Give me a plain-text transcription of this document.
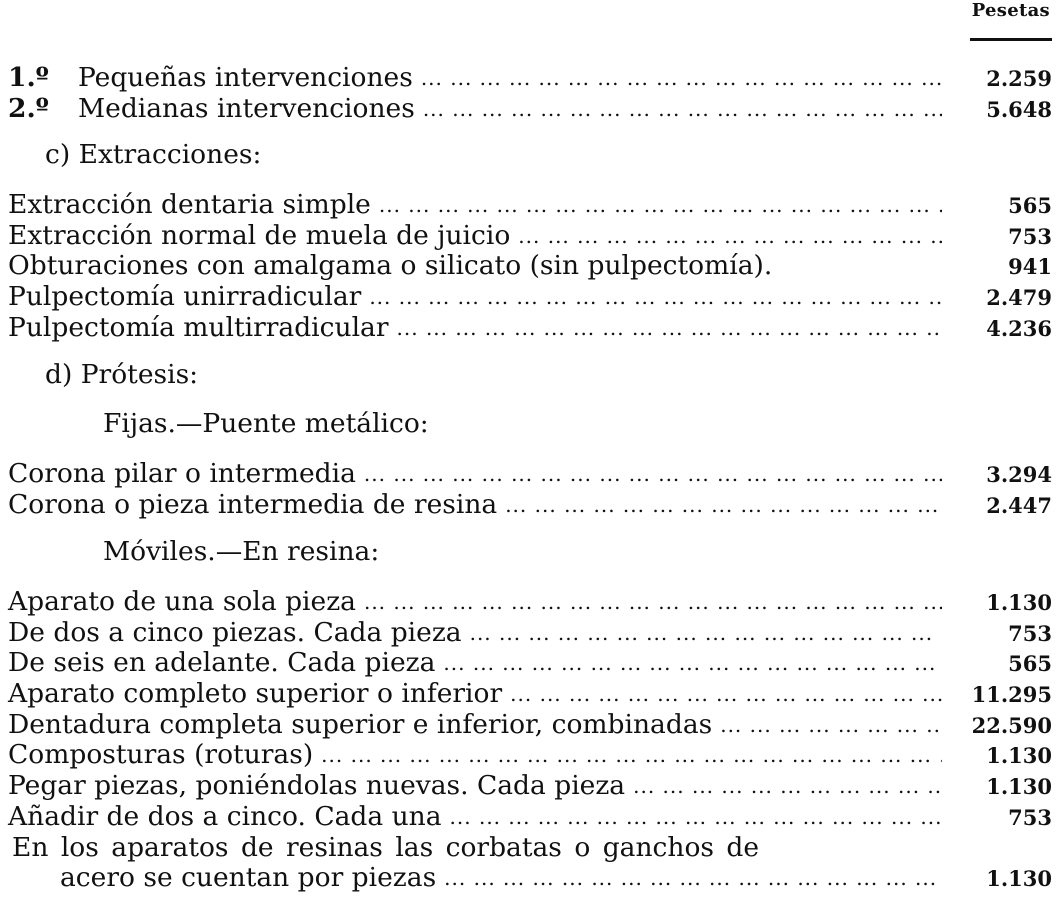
Pesetas
1.º	Pequeñas intervenciones ... .	2.259
2.º	Medianas intervenciones ... .	5.648
c) Extracciones:
Extracción dentaria simple ... .	565
Extracción normal de muela de juicio ... .	753
Obturaciones con amalgama o silicato (sin pulpectomía).	941
Pulpectomía unirradicular ... .	2.479
Pulpectomía multirradicular ... .	4.236
d) Prótesis:
Fijas.—Puente metálico:
Corona pilar o intermedia ... .	3.294
Corona o pieza intermedia de resina ... .	2.447
Móviles.—En resina:
Aparato de una sola pieza ... .	1.130
De dos a cinco piezas. Cada pieza ... .	753
De seis en adelante. Cada pieza ... .	565
Aparato completo superior o inferior ... .	11.295
Dentadura completa superior e inferior, combinadas ... .	22.590
Composturas (roturas) ... .	1.130
Pegar piezas, poniéndolas nuevas. Cada pieza ... .	1.130
Añadir de dos a cinco. Cada una ... .	753
En los aparatos de resinas las corbatas o ganchos de
acero se cuentan por piezas ... .	1.130
